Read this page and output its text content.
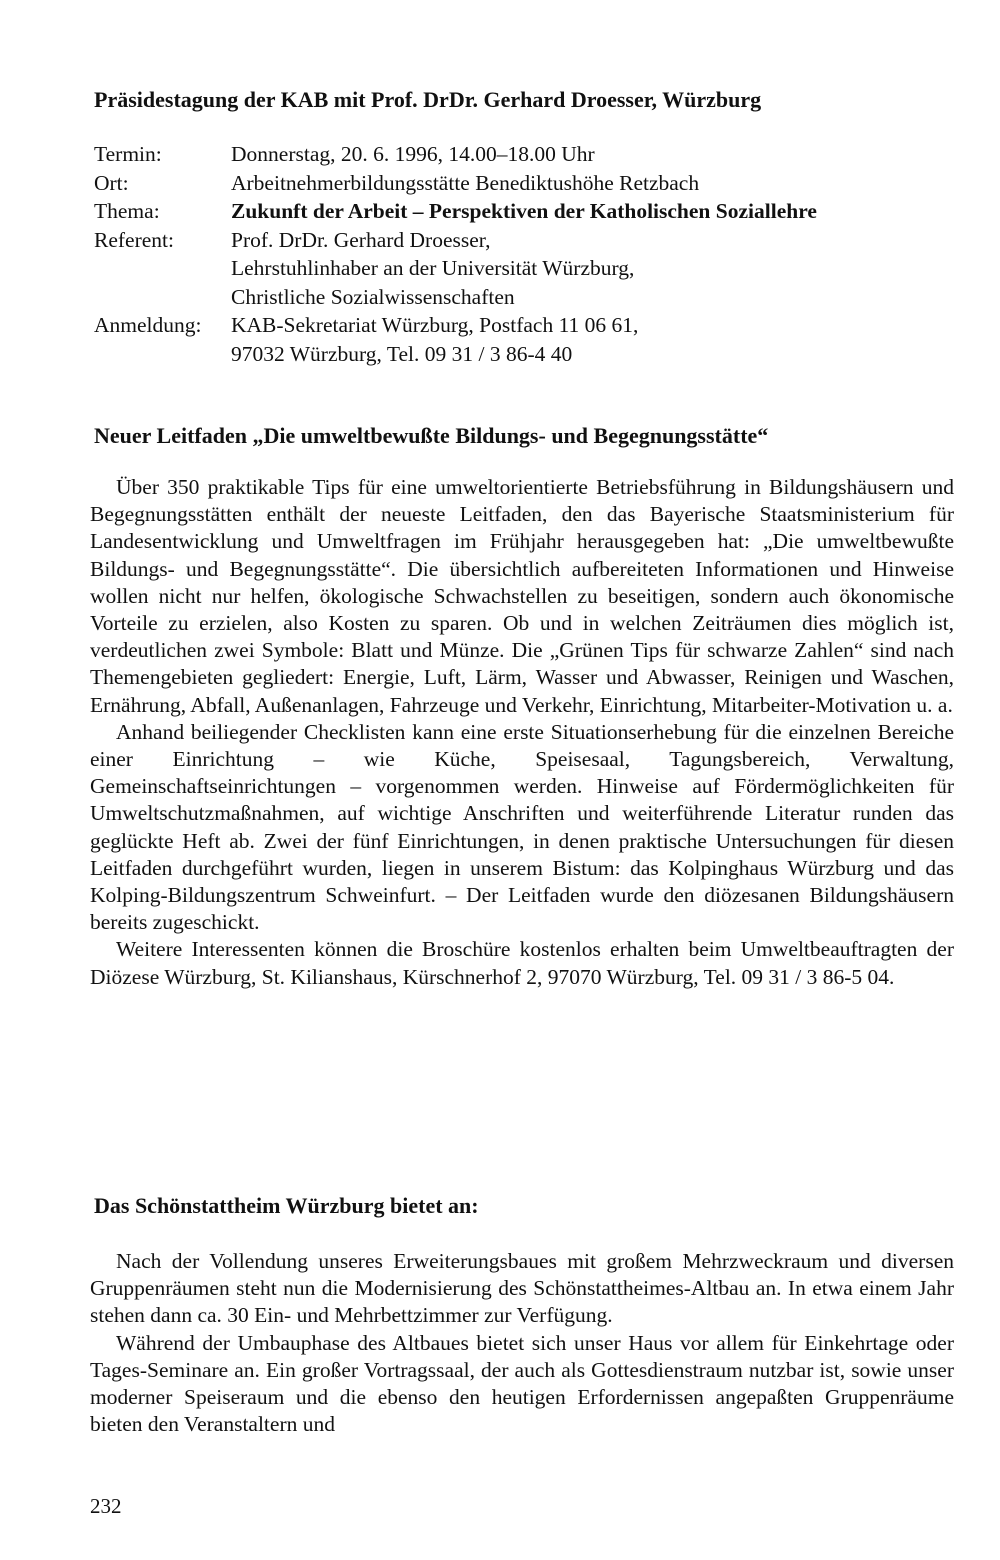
Präsidestagung der KAB mit Prof. DrDr. Gerhard Droesser, Würzburg
Termin:	Donnerstag, 20. 6. 1996, 14.00–18.00 Uhr
Ort:	Arbeitnehmerbildungsstätte Benediktushöhe Retzbach
Thema:	Zukunft der Arbeit – Perspektiven der Katholischen Soziallehre
Referent:	Prof. DrDr. Gerhard Droesser,
Lehrstuhlinhaber an der Universität Würzburg,
Christliche Sozialwissenschaften
Anmeldung:	KAB-Sekretariat Würzburg, Postfach 11 06 61,
97032 Würzburg, Tel. 09 31 / 3 86-4 40
Neuer Leitfaden „Die umweltbewußte Bildungs- und Begegnungsstätte“

Über 350 praktikable Tips für eine umweltorientierte Betriebsführung in Bildungshäusern und Begegnungsstätten enthält der neueste Leitfaden, den das Bayerische Staatsministerium für Landesentwicklung und Umweltfragen im Frühjahr herausgegeben hat: „Die umweltbewußte Bildungs- und Begegnungsstätte“. Die übersichtlich aufbereiteten Informationen und Hinweise wollen nicht nur helfen, ökologische Schwachstellen zu beseitigen, sondern auch ökonomische Vorteile zu erzielen, also Kosten zu sparen. Ob und in welchen Zeiträumen dies möglich ist, verdeutlichen zwei Symbole: Blatt und Münze. Die „Grünen Tips für schwarze Zahlen“ sind nach Themengebieten gegliedert: Energie, Luft, Lärm, Wasser und Abwasser, Reinigen und Waschen, Ernährung, Abfall, Außenanlagen, Fahrzeuge und Verkehr, Einrichtung, Mitarbeiter-Motivation u. a.

Anhand beiliegender Checklisten kann eine erste Situationserhebung für die einzelnen Bereiche einer Einrichtung – wie Küche, Speisesaal, Tagungsbereich, Verwaltung, Gemeinschaftseinrichtungen – vorgenommen werden. Hinweise auf Fördermöglichkeiten für Umweltschutzmaßnahmen, auf wichtige Anschriften und weiterführende Literatur runden das geglückte Heft ab. Zwei der fünf Einrichtungen, in denen praktische Untersuchungen für diesen Leitfaden durchgeführt wurden, liegen in unserem Bistum: das Kolpinghaus Würzburg und das Kolping-Bildungszentrum Schweinfurt. – Der Leitfaden wurde den diözesanen Bildungshäusern bereits zugeschickt.

Weitere Interessenten können die Broschüre kostenlos erhalten beim Umweltbeauftragten der Diözese Würzburg, St. Kilianshaus, Kürschnerhof 2, 97070 Würzburg, Tel. 09 31 / 3 86-5 04.

Das Schönstattheim Würzburg bietet an:

Nach der Vollendung unseres Erweiterungsbaues mit großem Mehrzweckraum und diversen Gruppenräumen steht nun die Modernisierung des Schönstattheimes-Altbau an. In etwa einem Jahr stehen dann ca. 30 Ein- und Mehrbettzimmer zur Verfügung.

Während der Umbauphase des Altbaues bietet sich unser Haus vor allem für Einkehrtage oder Tages-Seminare an. Ein großer Vortragssaal, der auch als Gottesdienstraum nutzbar ist, sowie unser moderner Speiseraum und die ebenso den heutigen Erfordernissen angepaßten Gruppenräume bieten den Veranstaltern und

232
